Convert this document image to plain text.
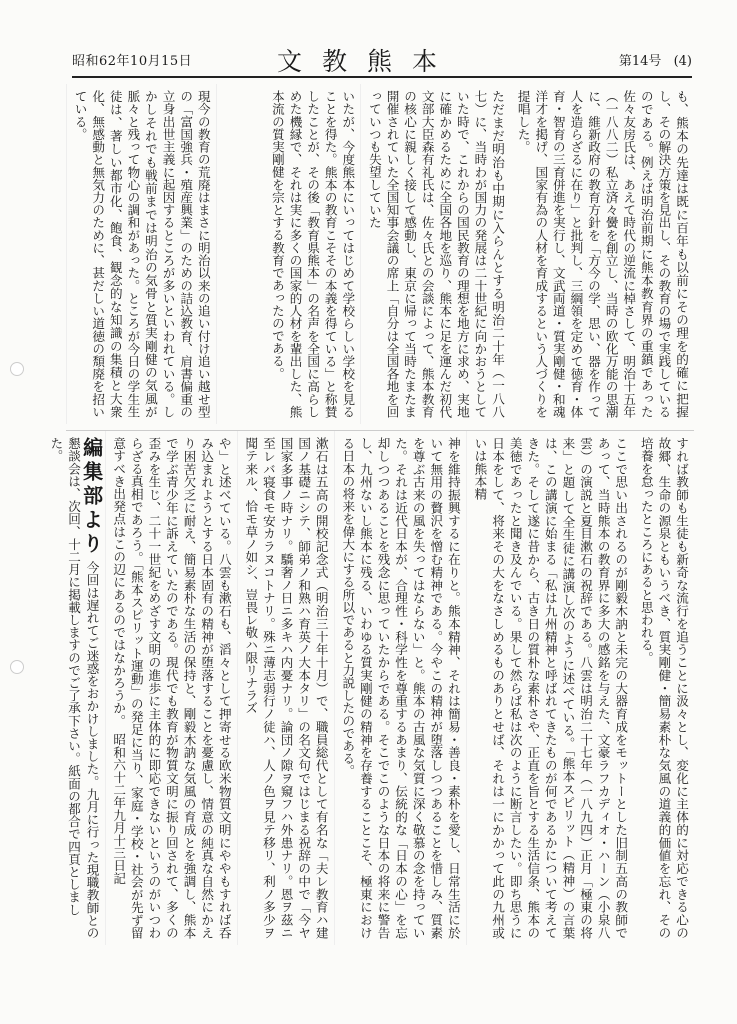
昭和62年10月15日	文教熊本	第14号 (4)
も、熊本の先達は既に百年も以前にその理を的確に把握し、その解決方策を見出し、その教育の場で実践しているのである。例えば明治前期に熊本教育界の重鎮であった佐々友房氏は、あえて時代の逆流に棹さして、明治十五年（一八八二）私立済々黌を創立し、当時の欧化万能の思潮に、維新政府の教育方針を「方今の学、思い、器を作って人を造らざるに在り」と批判し、三綱領を定めて徳育・体育・智育の三育併進を実行し、文武両道・質実剛健・和魂洋才を掲げ、国家有為の人材を育成するという人づくりを提唱した。
ただまだ明治も中期に入らんとする明治二十年（一八八七）に、当時わが国力の発展は二十世紀に向かおうとしていた時で、これからの国民教育の理想を地方に求め、実地に確かめるために全国各地を巡り、熊本に足を運んだ初代文部大臣森有礼氏は、佐々氏との会談によって、熊本教育の核心に親しく接して感動し、東京に帰って当時たまたま開催されていた全国知事会議の席上「自分は全国各地を回っていつも失望していた
いたが、今度熊本にいってはじめて学校らしい学校を見ることを得た。熊本の教育こそその本義を得ている」と称賛したことが、その後「教育県熊本」の名声を全国に高らしめた機縁で、それは実に多くの国家的人材を輩出した、熊本流の質実剛健を宗とする教育であったのである。
現今の教育の荒廃はまさに明治以来の追い付け追い越せ型の「富国強兵・殖産興業」のための詰込教育、肩書偏重の立身出世主義に起因するところが多いといわれている。しかしそれでも戦前までは明治の気骨と質実剛健の気風が脈々と残って物心の調和があった。ところが今日の学生生徒は、著しい都市化、飽食、観念的な知識の集積と大衆化、無感動と無気力のために、甚だしい道徳の頽廃を招いている。
すれば教師も生徒も新奇な流行を追うことに汲々とし、変化に主体的に対応できる心の故郷、生命の源泉ともいうべき、質実剛健・簡易素朴な気風の道義的価値を忘れ、その培養を怠ったところにあると思われる。
ここで思い出されるのが剛毅木訥と未完の大器育成をモットーとした旧制五高の教師であって、当時熊本の教育界に多大の感銘を与えた、文豪ラフカディオ・ハーン（小泉八雲）の演説と夏目漱石の祝辞である。八雲は明治二十七年（一八九四）正月「極東の将来」と題して全生徒に講演し次のように述べている。「熊本スピリット（精神）の言葉は、この講演に始まる「私は九州精神と呼ばれてきたものが何であるかについて考えてきた。そして遂に昔から、古き日の質朴な素朴さや、正直を旨とする生活信条、熊本の美徳であったと聞き及んでいる。果して然らば私は次のように断言したい。即ち思うに日本をして、将来その大をなさしめるものありとせば、それは一にかかって此の九州或いは熊本精
神を維持振興するに在りと。熊本精神、それは簡易・善良・素朴を愛し、日常生活に於いて無用の贅沢を憎む精神である。今やこの精神が堕落しつつあることを惜しみ、質素を尊ぶ古来の風を失ってはならない」と。熊本の古風な気質に深く敬慕の念を持っていた。それは近代日本が、合理性・科学性を尊重するあまり、伝統的な「日本の心」を忘却しつつあることを残念に思っていたからである。そこでこのような日本の将来に警告し、九州ないし熊本に残る、いわゆる質実剛健の精神を存養することこそ、極東における日本の将来を偉大にする所以であると力説したのである。
漱石は五高の開校記念式（明治三十年十月）で、職員総代として有名な「夫レ教育ハ建国ノ基礎ニシテ、師弟ノ和熟ハ育英ノ大本タリ」の名文句ではじまる祝辞の中で「今ヤ国家多事ノ時ナリ。驕奢ノ日ニ多キハ内憂ナリ。論団ノ隙ヲ窺フハ外患ナリ。恩ヲ茲ニ至レバ寝食モ安カラヌコトナリ。殊ニ薄志弱行ノ徒ハ、人ノ色ヲ見テ移リ、利ノ多少ヲ聞テ来ル、恰モ草ノ如シ、豈畏レ敬ハ限リナラズ
や」と述べている。八雲も漱石も、滔々として押寄せる欧米物質文明にややもすれば呑み込まれようとする日本固有の精神が堕落することを憂慮し、情意の純真な自然にかえり困苦欠乏に耐え、簡易素朴な生活の保持と、剛毅木訥な気風の育成とを強調し、熊本で学ぶ青少年に訴えていたのである。現代でも教育が物質文明に振り回されて、多くの歪みを生じ、二十一世紀をめざす文明の進歩に主体的に即応できないというのがいつわらざる真相であろう。「熊本スピリット運動」の発足に当り、家庭・学校・社会が先ず留意すべき出発点はこの辺にあるのではなかろうか。　昭和六十二年九月十三日記
編集部より 今回は遅れてご迷惑をおかけしました。九月に行った現職教師との懇談会は、次回、十二月に掲載しますのでご了承下さい。紙面の都合で四頁としました。
